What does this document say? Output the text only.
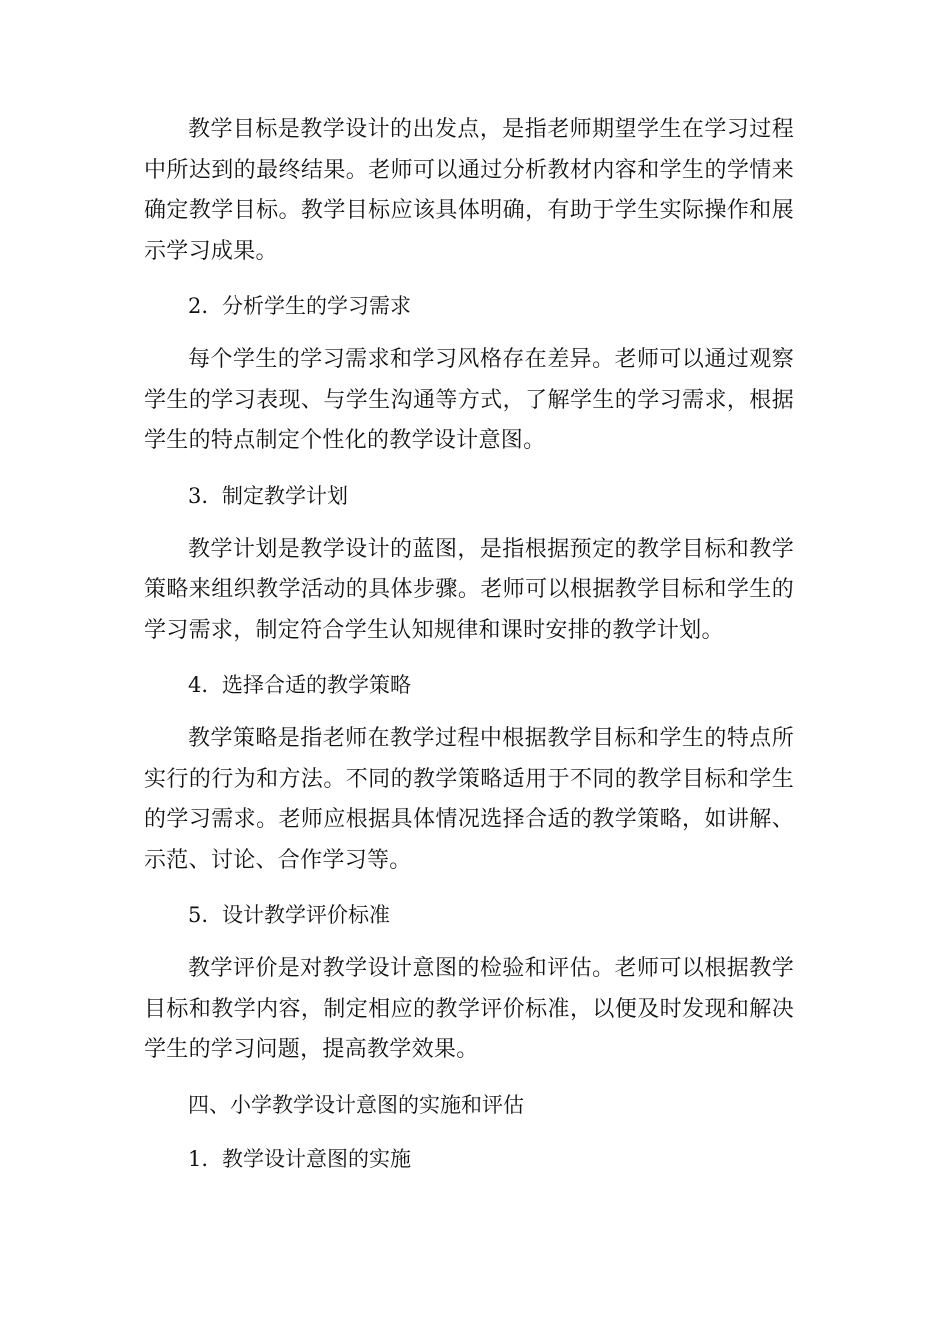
教学目标是教学设计的出发点，是指老师期望学生在学习过程中所达到的最终结果。老师可以通过分析教材内容和学生的学情来确定教学目标。教学目标应该具体明确，有助于学生实际操作和展示学习成果。

2. 分析学生的学习需求

每个学生的学习需求和学习风格存在差异。老师可以通过观察学生的学习表现、与学生沟通等方式，了解学生的学习需求，根据学生的特点制定个性化的教学设计意图。

3. 制定教学计划

教学计划是教学设计的蓝图，是指根据预定的教学目标和教学策略来组织教学活动的具体步骤。老师可以根据教学目标和学生的学习需求，制定符合学生认知规律和课时安排的教学计划。

4. 选择合适的教学策略

教学策略是指老师在教学过程中根据教学目标和学生的特点所实行的行为和方法。不同的教学策略适用于不同的教学目标和学生的学习需求。老师应根据具体情况选择合适的教学策略，如讲解、示范、讨论、合作学习等。

5. 设计教学评价标准

教学评价是对教学设计意图的检验和评估。老师可以根据教学目标和教学内容，制定相应的教学评价标准，以便及时发现和解决学生的学习问题，提高教学效果。

四、小学教学设计意图的实施和评估

1. 教学设计意图的实施
